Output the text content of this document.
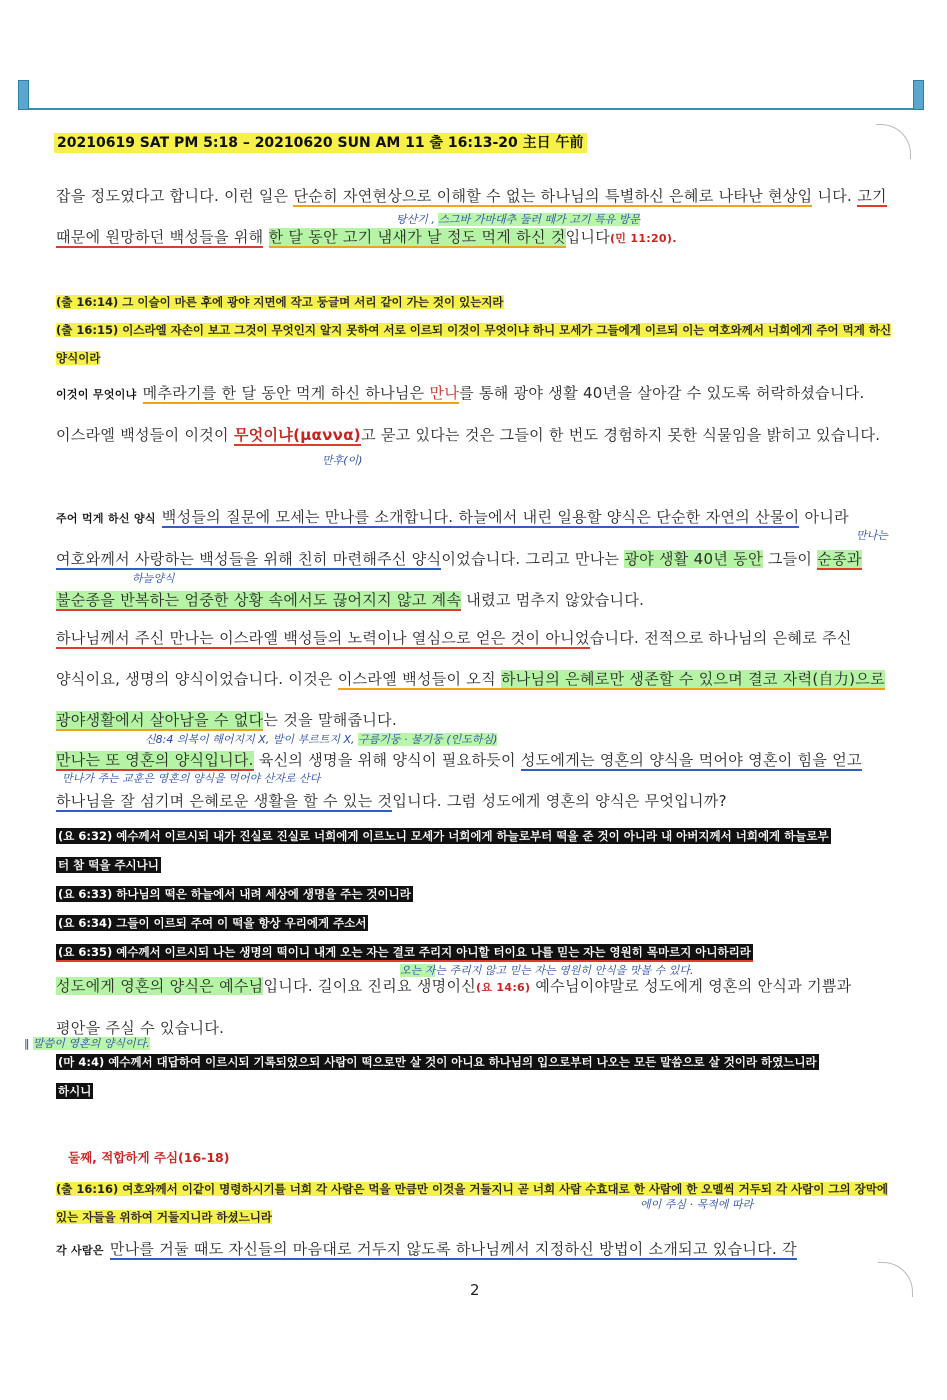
20210619 SAT PM 5:18 – 20210620 SUN AM 11 출 16:13-20 主日 午前
잡을 정도였다고 합니다. 이런 일은 단순히 자연현상으로 이해할 수 없는 하나님의 특별하신 은혜로 나타난 현상입 니다. 고기 때문에 원망하던 백성들을 위해 한 달 동안 고기 냄새가 날 정도 먹게 하신 것입니다(민 11:20).
탕산기 , 스그바 가마대추 둘러 떼가 고기 특유 방문
(출 16:14) 그 이슬이 마른 후에 광야 지면에 작고 둥글며 서리 같이 가는 것이 있는지라
(출 16:15) 이스라엘 자손이 보고 그것이 무엇인지 알지 못하여 서로 이르되 이것이 무엇이냐 하니 모세가 그들에게 이르되 이는 여호와께서 너희에게 주어 먹게 하신 양식이라
이것이 무엇이냐 메추라기를 한 달 동안 먹게 하신 하나님은 만나를 통해 광야 생활 40년을 살아갈 수 있도록 허락하셨습니다. 이스라엘 백성들이 이것이 무엇이냐(μαννα)고 묻고 있다는 것은 그들이 한 번도 경험하지 못한 식물임을 밝히고 있습니다.
만후(이)
주어 먹게 하신 양식 백성들의 질문에 모세는 만나를 소개합니다. 하늘에서 내린 일용할 양식은 단순한 자연의 산물이 아니라 여호와께서 사랑하는 백성들을 위해 친히 마련해주신 양식이었습니다. 그리고 만나는 광야 생활 40년 동안 그들이 순종과 불순종을 반복하는 엄중한 상황 속에서도 끊어지지 않고 계속 내렸고 멈추지 않았습니다.
만나는
하늘양식
하나님께서 주신 만나는 이스라엘 백성들의 노력이나 열심으로 얻은 것이 아니었습니다. 전적으로 하나님의 은혜로 주신 양식이요, 생명의 양식이었습니다. 이것은 이스라엘 백성들이 오직 하나님의 은혜로만 생존할 수 있으며 결코 자력(自力)으로 광야생활에서 살아남을 수 없다는 것을 말해줍니다.
신8:4 의복이 해어지지 X, 발이 부르트지 X, 구름기둥 · 불기둥 (인도하심)
만나는 또 영혼의 양식입니다. 육신의 생명을 위해 양식이 필요하듯이 성도에게는 영혼의 양식을 먹어야 영혼이 힘을 얻고 하나님을 잘 섬기며 은혜로운 생활을 할 수 있는 것입니다. 그럼 성도에게 영혼의 양식은 무엇입니까?
만나가 주는 교훈은 영혼의 양식을 먹어야 산자로 산다
(요 6:32) 예수께서 이르시되 내가 진실로 진실로 너희에게 이르노니 모세가 너희에게 하늘로부터 떡을 준 것이 아니라 내 아버지께서 너희에게 하늘로부
터 참 떡을 주시나니
(요 6:33) 하나님의 떡은 하늘에서 내려 세상에 생명을 주는 것이니라
(요 6:34) 그들이 이르되 주여 이 떡을 항상 우리에게 주소서
(요 6:35) 예수께서 이르시되 나는 생명의 떡이니 내게 오는 자는 결코 주리지 아니할 터이요 나를 믿는 자는 영원히 목마르지 아니하리라
오는 자는 주리지 않고 믿는 자는 영원히 안식을 맛볼 수 있다.
성도에게 영혼의 양식은 예수님입니다. 길이요 진리요 생명이신(요 14:6) 예수님이야말로 성도에게 영혼의 안식과 기쁨과 평안을 주실 수 있습니다.
‖ 말씀이 영혼의 양식이다.
(마 4:4) 예수께서 대답하여 이르시되 기록되었으되 사람이 떡으로만 살 것이 아니요 하나님의 입으로부터 나오는 모든 말씀으로 살 것이라 하였느니라
하시니
둘째, 적합하게 주심(16-18)
(출 16:16) 여호와께서 이같이 명령하시기를 너희 각 사람은 먹을 만큼만 이것을 거둘지니 곧 너희 사람 수효대로 한 사람에 한 오멜씩 거두되 각 사람이 그의 장막에 있는 자들을 위하여 거둘지니라 하셨느니라
에이 주심 · 목적에 따라
각 사람은 만나를 거둘 때도 자신들의 마음대로 거두지 않도록 하나님께서 지정하신 방법이 소개되고 있습니다. 각
2
